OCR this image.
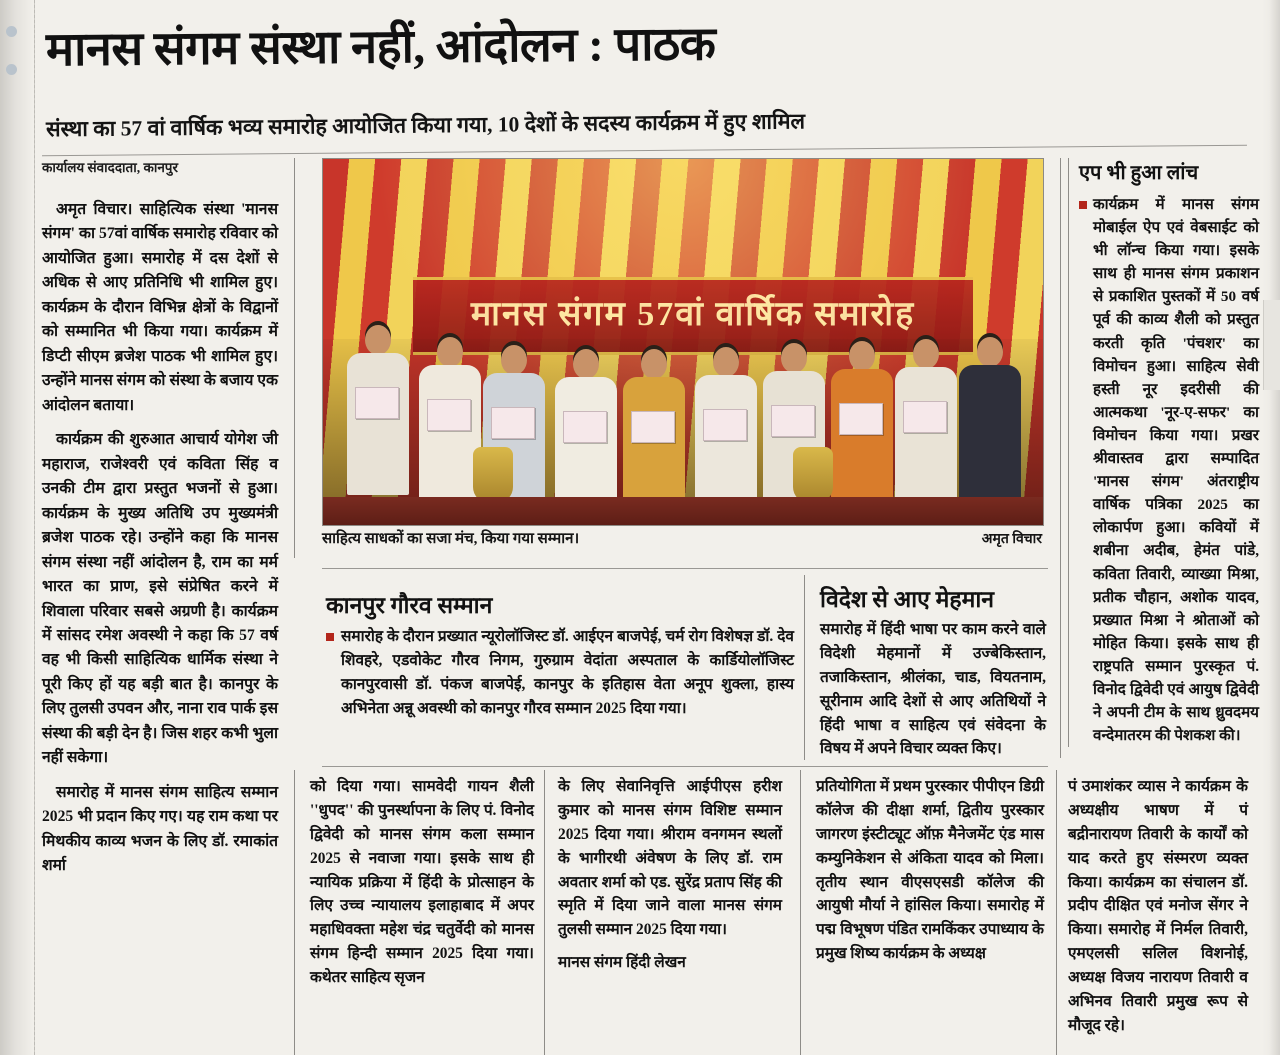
मानस संगम संस्था नहीं, आंदोलन : पाठक
संस्था का 57 वां वार्षिक भव्य समारोह आयोजित किया गया, 10 देशों के सदस्य कार्यक्रम में हुए शामिल
कार्यालय संवाददाता, कानपुर

अमृत विचार। साहित्यिक संस्था 'मानस संगम' का 57वां वार्षिक समारोह रविवार को आयोजित हुआ। समारोह में दस देशों से अधिक से आए प्रतिनिधि भी शामिल हुए। कार्यक्रम के दौरान विभिन्न क्षेत्रों के विद्वानों को सम्मानित भी किया गया। कार्यक्रम में डिप्टी सीएम ब्रजेश पाठक भी शामिल हुए। उन्होंने मानस संगम को संस्था के बजाय एक आंदोलन बताया।

कार्यक्रम की शुरुआत आचार्य योगेश जी महाराज, राजेश्वरी एवं कविता सिंह व उनकी टीम द्वारा प्रस्तुत भजनों से हुआ। कार्यक्रम के मुख्य अतिथि उप मुख्यमंत्री ब्रजेश पाठक रहे। उन्होंने कहा कि मानस संगम संस्था नहीं आंदोलन है, राम का मर्म भारत का प्राण, इसे संप्रेषित करने में शिवाला परिवार सबसे अग्रणी है। कार्यक्रम में सांसद रमेश अवस्थी ने कहा कि 57 वर्ष वह भी किसी साहित्यिक धार्मिक संस्था ने पूरी किए हों यह बड़ी बात है। कानपुर के लिए तुलसी उपवन और, नाना राव पार्क इस संस्था की बड़ी देन है। जिस शहर कभी भुला नहीं सकेगा।

समारोह में मानस संगम साहित्य सम्मान 2025 भी प्रदान किए गए। यह राम कथा पर मिथकीय काव्य भजन के लिए डॉ. रमाकांत शर्मा

मानस संगम 57वां वार्षिक समारोह
साहित्य साधकों का सजा मंच, किया गया सम्मान।	अमृत विचार
एप भी हुआ लांच
कार्यक्रम में मानस संगम मोबाईल ऐप एवं वेबसाईट को भी लॉन्च किया गया। इसके साथ ही मानस संगम प्रकाशन से प्रकाशित पुस्तकों में 50 वर्ष पूर्व की काव्य शैली को प्रस्तुत करती कृति 'पंचशर' का विमोचन हुआ। साहित्य सेवी हस्ती नूर इदरीसी की आत्मकथा 'नूर-ए-सफर' का विमोचन किया गया। प्रखर श्रीवास्तव द्वारा सम्पादित 'मानस संगम' अंतराष्ट्रीय वार्षिक पत्रिका 2025 का लोकार्पण हुआ। कवियों में शबीना अदीब, हेमंत पांडे, कविता तिवारी, व्याख्या मिश्रा, प्रतीक चौहान, अशोक यादव, प्रख्यात मिश्रा ने श्रोताओं को मोहित किया। इसके साथ ही राष्ट्रपति सम्मान पुरस्कृत पं. विनोद द्विवेदी एवं आयुष द्विवेदी ने अपनी टीम के साथ ध्रुवदमय वन्देमातरम की पेशकश की।
कानपुर गौरव सम्मान
समारोह के दौरान प्रख्यात न्यूरोलॉजिस्ट डॉ. आईएन बाजपेई, चर्म रोग विशेषज्ञ डॉ. देव शिवहरे, एडवोकेट गौरव निगम, गुरुग्राम वेदांता अस्पताल के कार्डियोलॉजिस्ट कानपुरवासी डॉ. पंकज बाजपेई, कानपुर के इतिहास वेता अनूप शुक्ला, हास्य अभिनेता अन्नू अवस्थी को कानपुर गौरव सम्मान 2025 दिया गया।
विदेश से आए मेहमान
समारोह में हिंदी भाषा पर काम करने वाले विदेशी मेहमानों में उज्बेकिस्तान, तजाकिस्तान, श्रीलंका, चाड, वियतनाम, सूरीनाम आदि देशों से आए अतिथियों ने हिंदी भाषा व साहित्य एवं संवेदना के विषय में अपने विचार व्यक्त किए।

को दिया गया। सामवेदी गायन शैली ''धुपद'' की पुनर्स्थापना के लिए पं. विनोद द्विवेदी को मानस संगम कला सम्मान 2025 से नवाजा गया। इसके साथ ही न्यायिक प्रक्रिया में हिंदी के प्रोत्साहन के लिए उच्च न्यायालय इलाहाबाद में अपर महाधिवक्ता महेश चंद्र चतुर्वेदी को मानस संगम हिन्दी सम्मान 2025 दिया गया। कथेतर साहित्य सृजन

के लिए सेवानिवृत्ति आईपीएस हरीश कुमार को मानस संगम विशिष्ट सम्मान 2025 दिया गया। श्रीराम वनगमन स्थलों के भागीरथी अंवेषण के लिए डॉ. राम अवतार शर्मा को एड. सुरेंद्र प्रताप सिंह की स्मृति में दिया जाने वाला मानस संगम तुलसी सम्मान 2025 दिया गया।

मानस संगम हिंदी लेखन

प्रतियोगिता में प्रथम पुरस्कार पीपीएन डिग्री कॉलेज की दीक्षा शर्मा, द्वितीय पुरस्कार जागरण इंस्टीट्यूट ऑफ़ मैनेजमेंट एंड मास कम्युनिकेशन से अंकिता यादव को मिला। तृतीय स्थान वीएसएसडी कॉलेज की आयुषी मौर्या ने हांसिल किया। समारोह में पद्म विभूषण पंडित रामकिंकर उपाध्याय के प्रमुख शिष्य कार्यक्रम के अध्यक्ष

पं उमाशंकर व्यास ने कार्यक्रम के अध्यक्षीय भाषण में पं बद्रीनारायण तिवारी के कार्यों को याद करते हुए संस्मरण व्यक्त किया। कार्यक्रम का संचालन डॉ. प्रदीप दीक्षित एवं मनोज सेंगर ने किया। समारोह में निर्मल तिवारी, एमएलसी सलिल विशनोई, अध्यक्ष विजय नारायण तिवारी व अभिनव तिवारी प्रमुख रूप से मौजूद रहे।
